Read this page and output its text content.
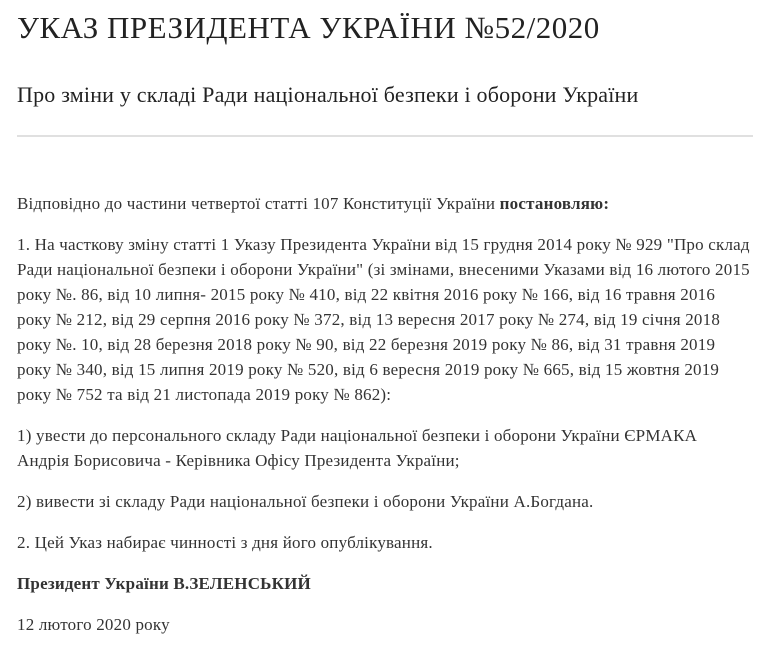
УКАЗ ПРЕЗИДЕНТА УКРАЇНИ №52/2020
Про зміни у складі Ради національної безпеки і оборони України

Відповідно до частини четвертої статті 107 Конституції України постановляю:

1. На часткову зміну статті 1 Указу Президента України від 15 грудня 2014 року № 929 "Про склад Ради національної безпеки і оборони України" (зі змінами, внесеними Указами від 16 лютого 2015 року №. 86, від 10 липня- 2015 року № 410, від 22 квітня 2016 року № 166, від 16 травня 2016 року № 212, від 29 серпня 2016 року № 372, від 13 вересня 2017 року № 274, від 19 січня 2018 року №. 10, від 28 березня 2018 року № 90, від 22 березня 2019 року № 86, від 31 травня 2019 року № 340, від 15 липня 2019 року № 520, від 6 вересня 2019 року № 665, від 15 жовтня 2019 року № 752 та від 21 листопада 2019 року № 862):

1) увести до персонального складу Ради національної безпеки і оборони України ЄРМАКА Андрія Борисовича - Керівника Офісу Президента України;

2) вивести зі складу Ради національної безпеки і оборони України А.Богдана.

2. Цей Указ набирає чинності з дня його опублікування.

Президент України В.ЗЕЛЕНСЬКИЙ

12 лютого 2020 року
